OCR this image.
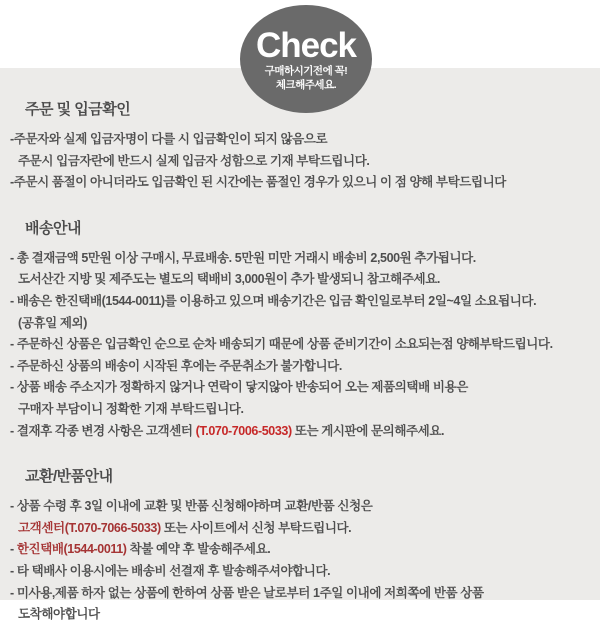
Check
구매하시기전에 꼭!
체크해주세요.
주문 및 입금확인
-주문자와 실제 입금자명이 다를 시 입금확인이 되지 않음으로
주문시 입금자란에 반드시 실제 입금자 성함으로 기재 부탁드립니다.
-주문시 품절이 아니더라도 입금확인 된 시간에는 품절인 경우가 있으니 이 점 양해 부탁드립니다
배송안내
- 총 결재금액 5만원 이상 구매시, 무료배송. 5만원 미만 거래시 배송비 2,500원 추가됩니다.
도서산간 지방 및 제주도는 별도의 택배비 3,000원이 추가 발생되니 참고해주세요.
- 배송은 한진택배(1544-0011)를 이용하고 있으며 배송기간은 입금 확인일로부터 2일~4일 소요됩니다.
(공휴일 제외)
- 주문하신 상품은 입금확인 순으로 순차 배송되기 때문에 상품 준비기간이 소요되는점 양해부탁드립니다.
- 주문하신 상품의 배송이 시작된 후에는 주문취소가 불가합니다.
- 상품 배송 주소지가 정확하지 않거나 연락이 닿지않아 반송되어 오는 제품의택배 비용은
구매자 부담이니 정확한 기재 부탁드립니다.
- 결재후 각종 변경 사항은 고객센터 (T.070-7006-5033) 또는 게시판에 문의해주세요.
교환/반품안내
- 상품 수령 후 3일 이내에 교환 및 반품 신청해야하며 교환/반품 신청은
고객센터(T.070-7066-5033) 또는 사이트에서 신청 부탁드립니다.
- 한진택배(1544-0011) 착불 예약 후 발송해주세요.
- 타 택배사 이용시에는 배송비 선결재 후 발송해주셔야합니다.
- 미사용,제품 하자 없는 상품에 한하여 상품 받은 날로부터 1주일 이내에 저희쪽에 반품 상품
도착해야합니다
